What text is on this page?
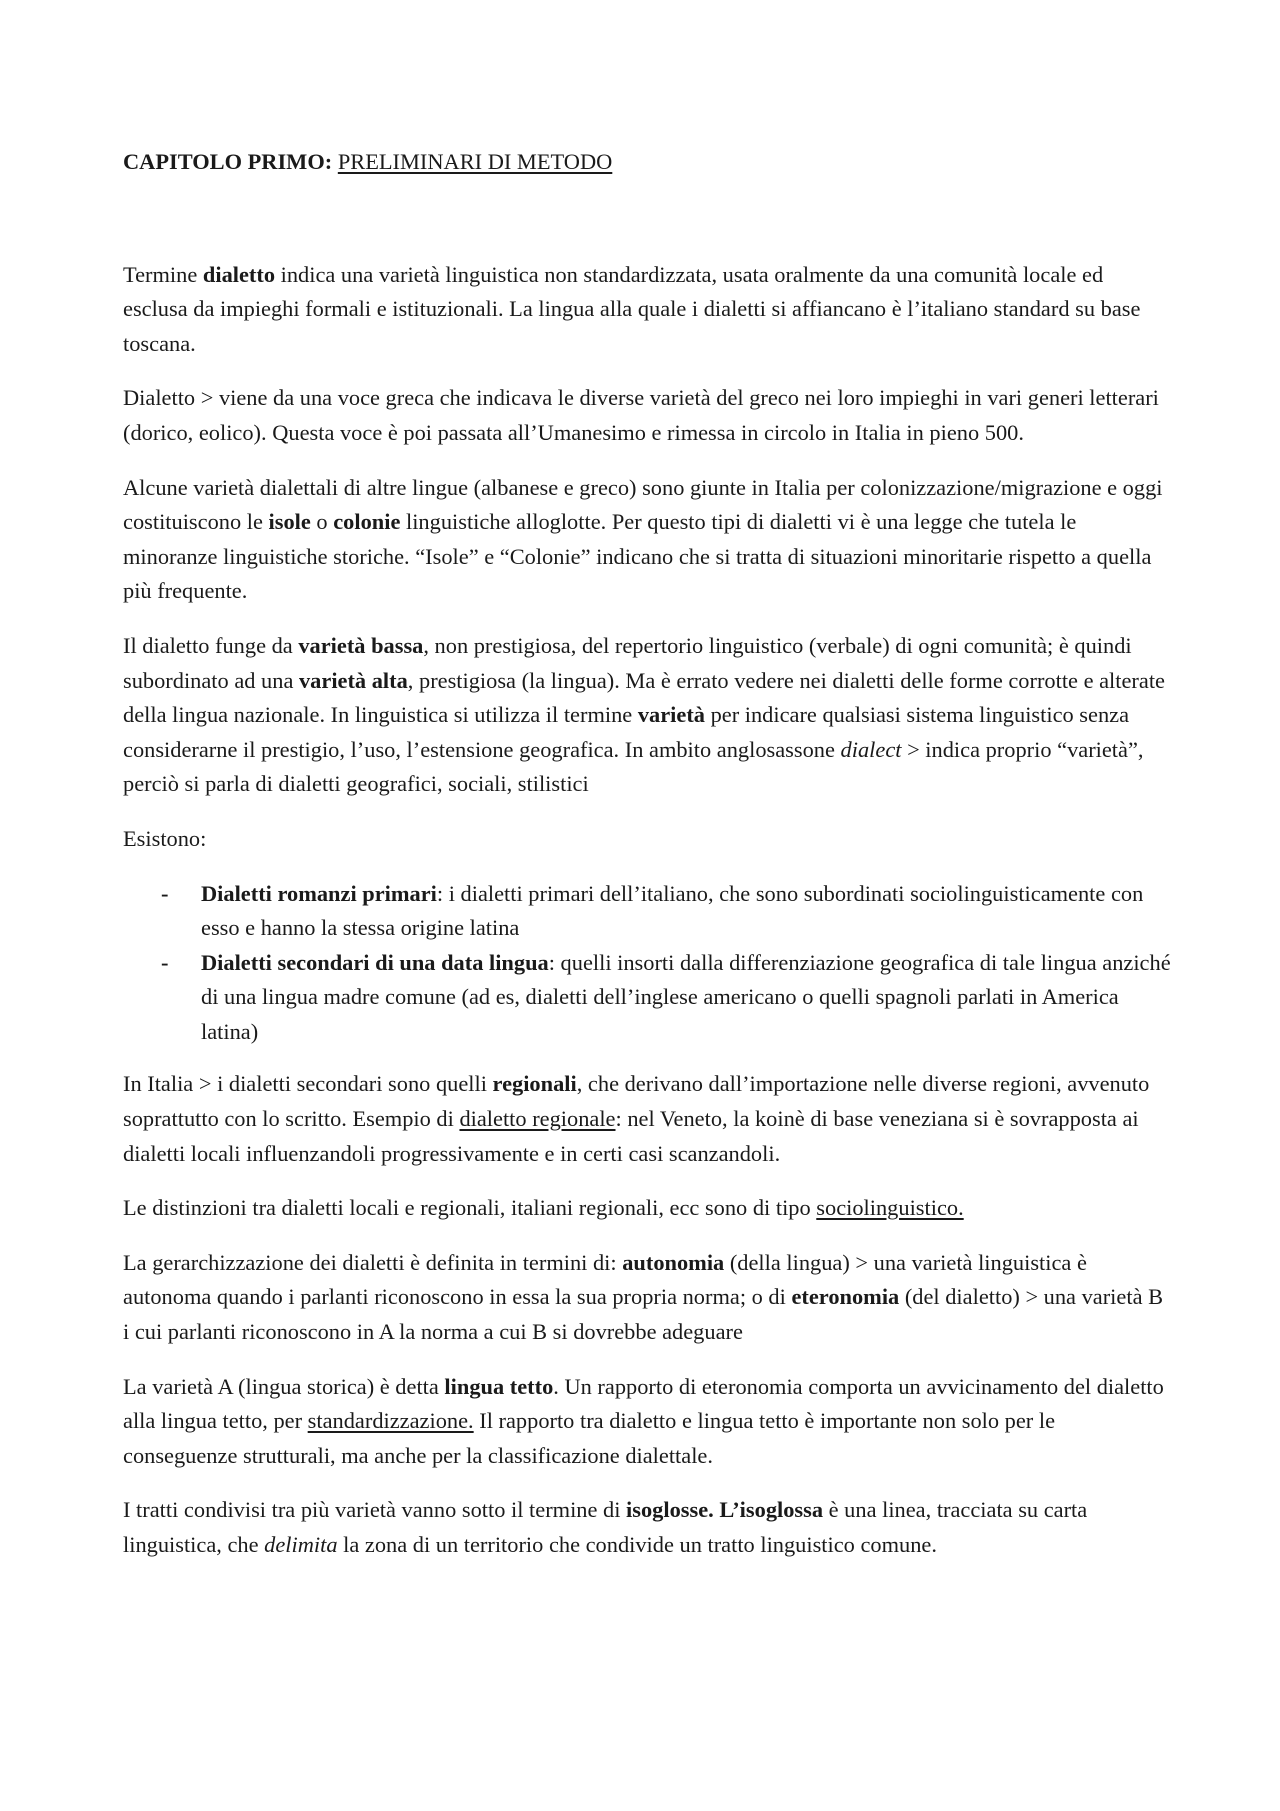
CAPITOLO PRIMO: PRELIMINARI DI METODO

Termine dialetto indica una varietà linguistica non standardizzata, usata oralmente da una comunità locale ed esclusa da impieghi formali e istituzionali. La lingua alla quale i dialetti si affiancano è l’italiano standard su base toscana.

Dialetto > viene da una voce greca che indicava le diverse varietà del greco nei loro impieghi in vari generi letterari (dorico, eolico). Questa voce è poi passata all’Umanesimo e rimessa in circolo in Italia in pieno 500.

Alcune varietà dialettali di altre lingue (albanese e greco) sono giunte in Italia per colonizzazione/migrazione e oggi costituiscono le isole o colonie linguistiche alloglotte. Per questo tipi di dialetti vi è una legge che tutela le minoranze linguistiche storiche. “Isole” e “Colonie” indicano che si tratta di situazioni minoritarie rispetto a quella più frequente.

Il dialetto funge da varietà bassa, non prestigiosa, del repertorio linguistico (verbale) di ogni comunità; è quindi subordinato ad una varietà alta, prestigiosa (la lingua). Ma è errato vedere nei dialetti delle forme corrotte e alterate della lingua nazionale. In linguistica si utilizza il termine varietà per indicare qualsiasi sistema linguistico senza considerarne il prestigio, l’uso, l’estensione geografica. In ambito anglosassone dialect > indica proprio “varietà”, perciò si parla di dialetti geografici, sociali, stilistici

Esistono:

- Dialetti romanzi primari: i dialetti primari dell’italiano, che sono subordinati sociolinguisticamente con esso e hanno la stessa origine latina
- Dialetti secondari di una data lingua: quelli insorti dalla differenziazione geografica di tale lingua anziché di una lingua madre comune (ad es, dialetti dell’inglese americano o quelli spagnoli parlati in America latina)

In Italia > i dialetti secondari sono quelli regionali, che derivano dall’importazione nelle diverse regioni, avvenuto soprattutto con lo scritto. Esempio di dialetto regionale: nel Veneto, la koinè di base veneziana si è sovrapposta ai dialetti locali influenzandoli progressivamente e in certi casi scanzandoli.

Le distinzioni tra dialetti locali e regionali, italiani regionali, ecc sono di tipo sociolinguistico.

La gerarchizzazione dei dialetti è definita in termini di: autonomia (della lingua) > una varietà linguistica è autonoma quando i parlanti riconoscono in essa la sua propria norma; o di eteronomia (del dialetto) > una varietà B i cui parlanti riconoscono in A la norma a cui B si dovrebbe adeguare

La varietà A (lingua storica) è detta lingua tetto. Un rapporto di eteronomia comporta un avvicinamento del dialetto alla lingua tetto, per standardizzazione. Il rapporto tra dialetto e lingua tetto è importante non solo per le conseguenze strutturali, ma anche per la classificazione dialettale.

I tratti condivisi tra più varietà vanno sotto il termine di isoglosse. L’isoglossa è una linea, tracciata su carta linguistica, che delimita la zona di un territorio che condivide un tratto linguistico comune.
